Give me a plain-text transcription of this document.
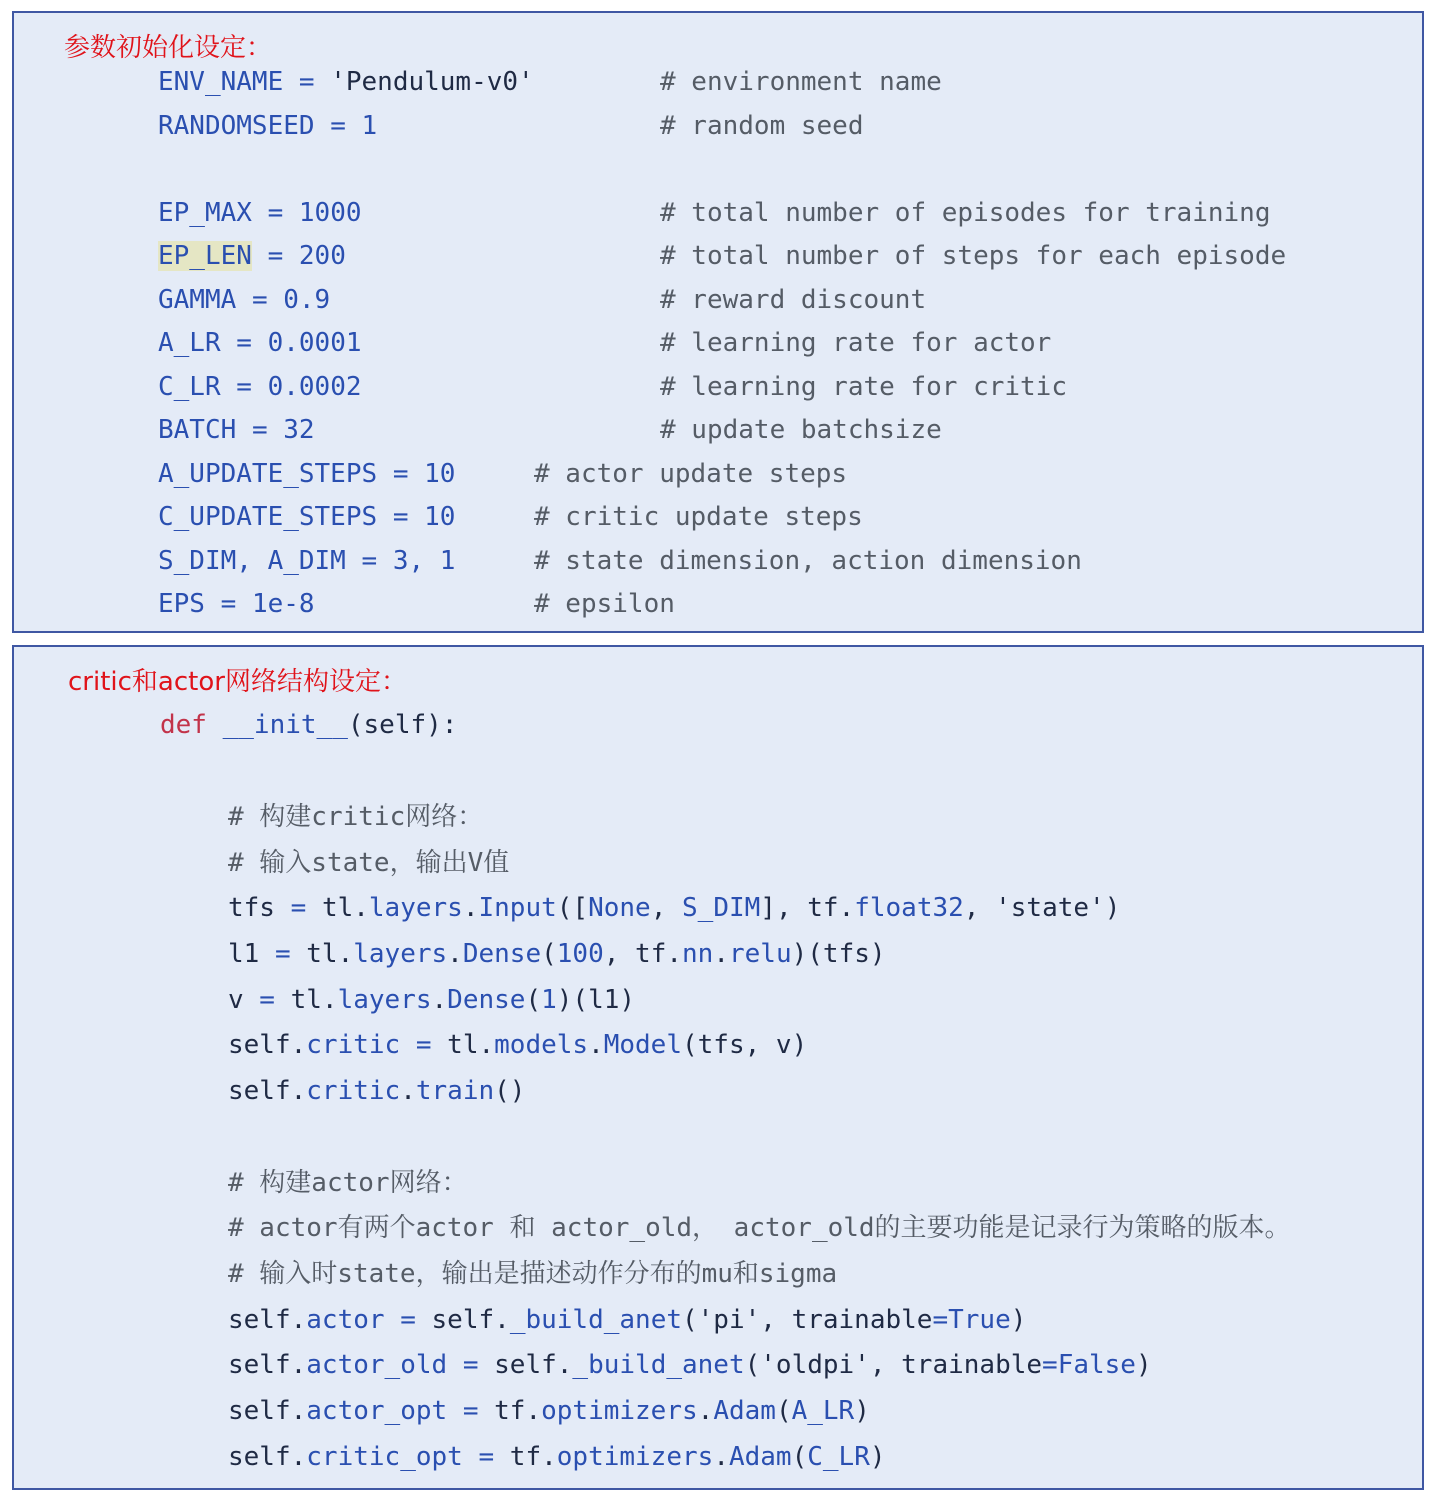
参数初始化设定：
ENV_NAME = 'Pendulum-v0'	# environment name
RANDOMSEED = 1	# random seed
EP_MAX = 1000	# total number of episodes for training
EP_LEN = 200	# total number of steps for each episode
GAMMA = 0.9	# reward discount
A_LR = 0.0001	# learning rate for actor
C_LR = 0.0002	# learning rate for critic
BATCH = 32	# update batchsize
A_UPDATE_STEPS = 10	# actor update steps
C_UPDATE_STEPS = 10	# critic update steps
S_DIM, A_DIM = 3, 1	# state dimension, action dimension
EPS = 1e-8	# epsilon
critic和actor网络结构设定：
def __init__(self):
# 构建critic网络：
# 输入state，输出V值
tfs = tl.layers.Input([None, S_DIM], tf.float32, 'state')
l1 = tl.layers.Dense(100, tf.nn.relu)(tfs)
v = tl.layers.Dense(1)(l1)
self.critic = tl.models.Model(tfs, v)
self.critic.train()
# 构建actor网络：
# actor有两个actor 和 actor_old， actor_old的主要功能是记录行为策略的版本。
# 输入时state，输出是描述动作分布的mu和sigma
self.actor = self._build_anet('pi', trainable=True)
self.actor_old = self._build_anet('oldpi', trainable=False)
self.actor_opt = tf.optimizers.Adam(A_LR)
self.critic_opt = tf.optimizers.Adam(C_LR)
